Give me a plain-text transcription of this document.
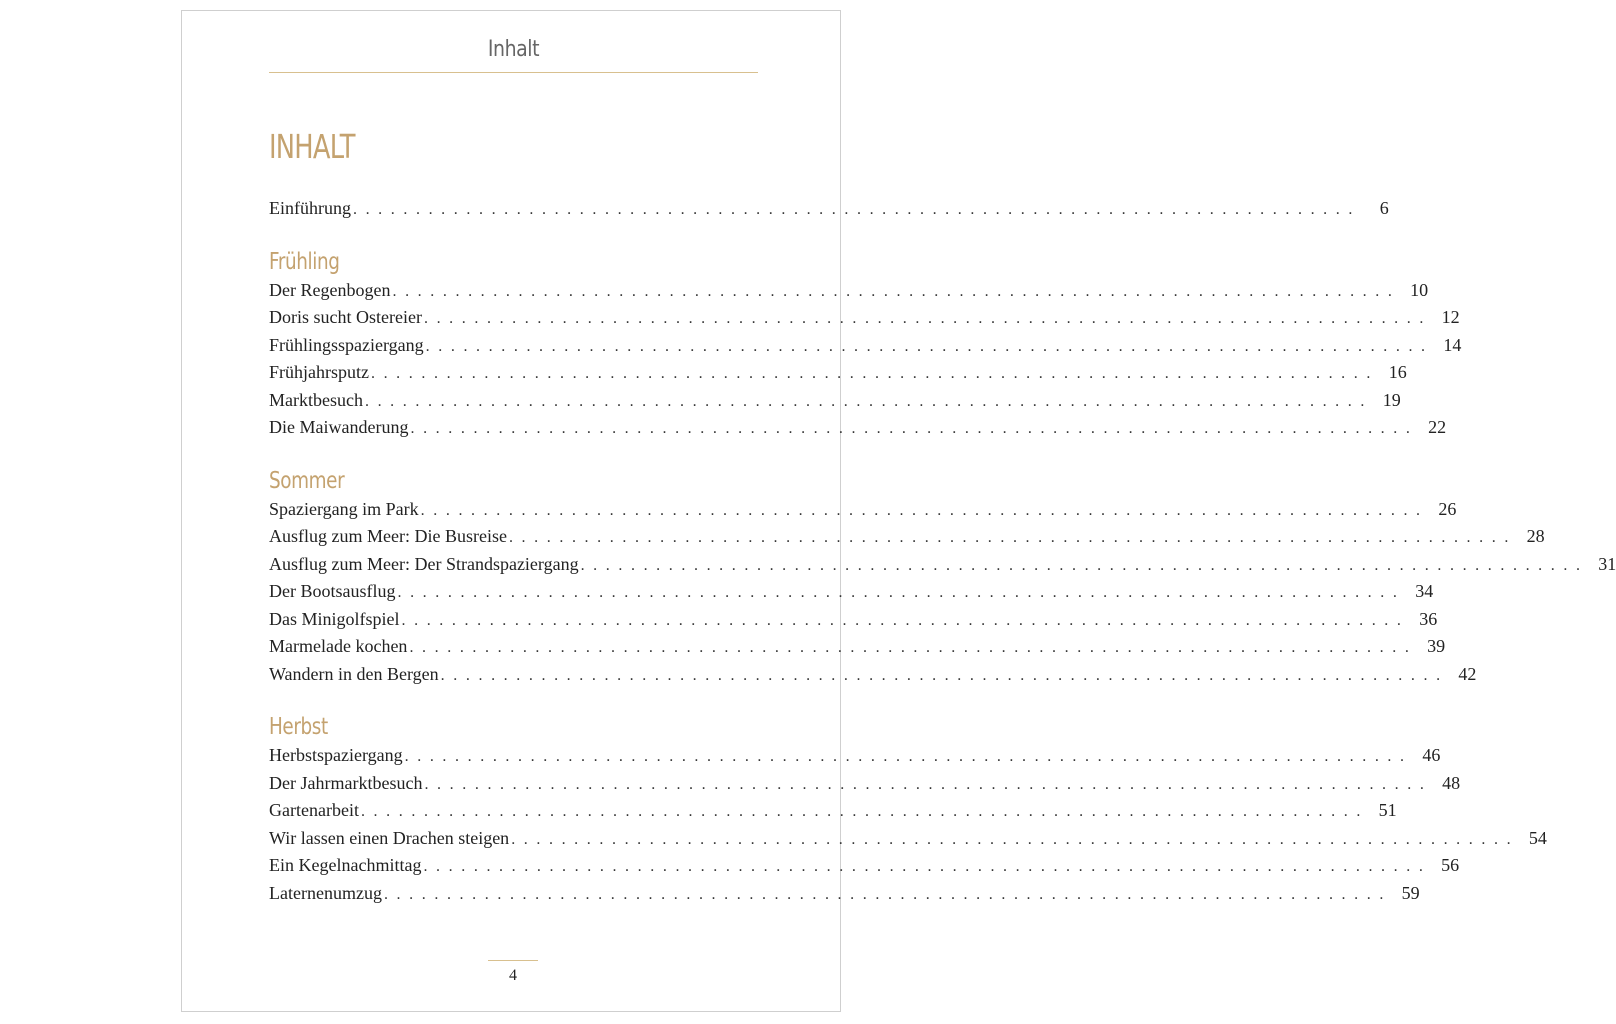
Inhalt
INHALT
Einführung . . . . . . . . . . . . . . . . . . . . . . . . . . . . . . . . . . . . . . . . . . . . . . . . . . . . . . . . . . . . . . . . . . . . . . . . . . . . . . . .	6
Frühling
Der Regenbogen . . . . . . . . . . . . . . . . . . . . . . . . . . . . . . . . . . . . . . . . . . . . . . . . . . . . . . . . . . . . . . . . . . . . . . . . . . . . . . . . 10
Doris sucht Ostereier . . . . . . . . . . . . . . . . . . . . . . . . . . . . . . . . . . . . . . . . . . . . . . . . . . . . . . . . . . . . . . . . . . . . . . . . . . . . . . . . 12
Frühlingsspaziergang . . . . . . . . . . . . . . . . . . . . . . . . . . . . . . . . . . . . . . . . . . . . . . . . . . . . . . . . . . . . . . . . . . . . . . . . . . . . . . . . 14
Frühjahrsputz . . . . . . . . . . . . . . . . . . . . . . . . . . . . . . . . . . . . . . . . . . . . . . . . . . . . . . . . . . . . . . . . . . . . . . . . . . . . . . . . 16
Marktbesuch . . . . . . . . . . . . . . . . . . . . . . . . . . . . . . . . . . . . . . . . . . . . . . . . . . . . . . . . . . . . . . . . . . . . . . . . . . . . . . . . 19
Die Maiwanderung . . . . . . . . . . . . . . . . . . . . . . . . . . . . . . . . . . . . . . . . . . . . . . . . . . . . . . . . . . . . . . . . . . . . . . . . . . . . . . . . 22
Sommer
Spaziergang im Park . . . . . . . . . . . . . . . . . . . . . . . . . . . . . . . . . . . . . . . . . . . . . . . . . . . . . . . . . . . . . . . . . . . . . . . . . . . . . . . . 26
Ausflug zum Meer: Die Busreise . . . . . . . . . . . . . . . . . . . . . . . . . . . . . . . . . . . . . . . . . . . . . . . . . . . . . . . . . . . . . . . . . . . . . . . . . . . . . . . . 28
Ausflug zum Meer: Der Strandspaziergang . . . . . . . . . . . . . . . . . . . . . . . . . . . . . . . . . . . . . . . . . . . . . . . . . . . . . . . . . . . . . . . . . . . . . . . . . . . . . . . . 31
Der Bootsausflug . . . . . . . . . . . . . . . . . . . . . . . . . . . . . . . . . . . . . . . . . . . . . . . . . . . . . . . . . . . . . . . . . . . . . . . . . . . . . . . . 34
Das Minigolfspiel . . . . . . . . . . . . . . . . . . . . . . . . . . . . . . . . . . . . . . . . . . . . . . . . . . . . . . . . . . . . . . . . . . . . . . . . . . . . . . . . 36
Marmelade kochen . . . . . . . . . . . . . . . . . . . . . . . . . . . . . . . . . . . . . . . . . . . . . . . . . . . . . . . . . . . . . . . . . . . . . . . . . . . . . . . . 39
Wandern in den Bergen . . . . . . . . . . . . . . . . . . . . . . . . . . . . . . . . . . . . . . . . . . . . . . . . . . . . . . . . . . . . . . . . . . . . . . . . . . . . . . . . 42
Herbst
Herbstspaziergang . . . . . . . . . . . . . . . . . . . . . . . . . . . . . . . . . . . . . . . . . . . . . . . . . . . . . . . . . . . . . . . . . . . . . . . . . . . . . . . . 46
Der Jahrmarktbesuch . . . . . . . . . . . . . . . . . . . . . . . . . . . . . . . . . . . . . . . . . . . . . . . . . . . . . . . . . . . . . . . . . . . . . . . . . . . . . . . . 48
Gartenarbeit . . . . . . . . . . . . . . . . . . . . . . . . . . . . . . . . . . . . . . . . . . . . . . . . . . . . . . . . . . . . . . . . . . . . . . . . . . . . . . . . 51
Wir lassen einen Drachen steigen . . . . . . . . . . . . . . . . . . . . . . . . . . . . . . . . . . . . . . . . . . . . . . . . . . . . . . . . . . . . . . . . . . . . . . . . . . . . . . . . 54
Ein Kegelnachmittag . . . . . . . . . . . . . . . . . . . . . . . . . . . . . . . . . . . . . . . . . . . . . . . . . . . . . . . . . . . . . . . . . . . . . . . . . . . . . . . . 56
Laternenumzug . . . . . . . . . . . . . . . . . . . . . . . . . . . . . . . . . . . . . . . . . . . . . . . . . . . . . . . . . . . . . . . . . . . . . . . . . . . . . . . . 59
4
